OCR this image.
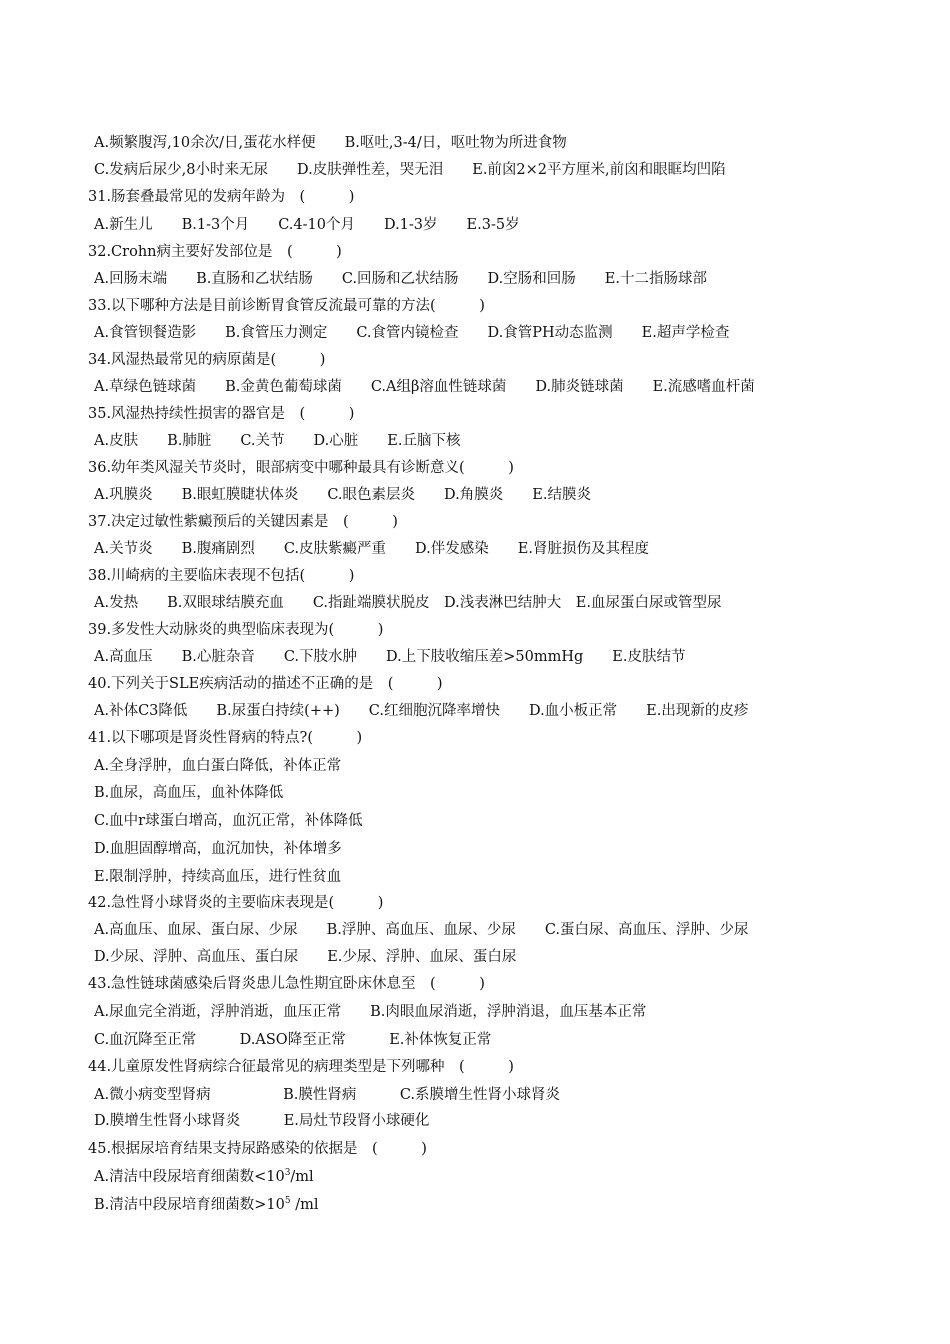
A.频繁腹泻,10余次/日,蛋花水样便　　B.呕吐,3-4/日，呕吐物为所进食物
C.发病后尿少,8小时来无尿　　D.皮肤弹性差，哭无泪　　E.前囟2×2平方厘米,前囟和眼眶均凹陷
31.肠套叠最常见的发病年龄为　(　　　)
A.新生儿　　B.1-3个月　　C.4-10个月　　D.1-3岁　　E.3-5岁
32.Crohn病主要好发部位是　(　　　)
A.回肠末端　　B.直肠和乙状结肠　　C.回肠和乙状结肠　　D.空肠和回肠　　E.十二指肠球部
33.以下哪种方法是目前诊断胃食管反流最可靠的方法(　　　)
A.食管钡餐造影　　B.食管压力测定　　C.食管内镜检查　　D.食管PH动态监测　　E.超声学检查
34.风湿热最常见的病原菌是(　　　)
A.草绿色链球菌　　B.金黄色葡萄球菌　　C.A组β溶血性链球菌　　D.肺炎链球菌　　E.流感嗜血杆菌
35.风湿热持续性损害的器官是　(　　　)
A.皮肤　　B.肺脏　　C.关节　　D.心脏　　E.丘脑下核
36.幼年类风湿关节炎时，眼部病变中哪种最具有诊断意义(　　　)
A.巩膜炎　　B.眼虹膜睫状体炎　　C.眼色素层炎　　D.角膜炎　　E.结膜炎
37.决定过敏性紫癜预后的关键因素是　(　　　)
A.关节炎　　B.腹痛剧烈　　C.皮肤紫癜严重　　D.伴发感染　　E.肾脏损伤及其程度
38.川崎病的主要临床表现不包括(　　　)
A.发热　　B.双眼球结膜充血　　C.指趾端膜状脱皮　D.浅表淋巴结肿大　E.血尿蛋白尿或管型尿
39.多发性大动脉炎的典型临床表现为(　　　)
A.高血压　　B.心脏杂音　　C.下肢水肿　　D.上下肢收缩压差>50mmHg　　E.皮肤结节
40.下列关于SLE疾病活动的描述不正确的是　(　　　)
A.补体C3降低　　B.尿蛋白持续(++)　　C.红细胞沉降率增快　　D.血小板正常　　E.出现新的皮疹
41.以下哪项是肾炎性肾病的特点?(　　　)
A.全身浮肿，血白蛋白降低，补体正常
B.血尿，高血压，血补体降低
C.血中r球蛋白增高，血沉正常，补体降低
D.血胆固醇增高，血沉加快，补体增多
E.限制浮肿，持续高血压，进行性贫血
42.急性肾小球肾炎的主要临床表现是(　　　)
A.高血压、血尿、蛋白尿、少尿　　B.浮肿、高血压、血尿、少尿　　C.蛋白尿、高血压、浮肿、少尿
D.少尿、浮肿、高血压、蛋白尿　　E.少尿、浮肿、血尿、蛋白尿
43.急性链球菌感染后肾炎患儿急性期宜卧床休息至　(　　　)
A.尿血完全消逝，浮肿消逝，血压正常　　B.肉眼血尿消逝，浮肿消退，血压基本正常
C.血沉降至正常　　　D.ASO降至正常　　　E.补体恢复正常
44.儿童原发性肾病综合征最常见的病理类型是下列哪种　(　　　)
A.微小病变型肾病　　　　　B.膜性肾病　　　C.系膜增生性肾小球肾炎
D.膜增生性肾小球肾炎　　　E.局灶节段肾小球硬化
45.根据尿培育结果支持尿路感染的依据是　(　　　)
A.清洁中段尿培育细菌数$<10^3/ml$
B.清洁中段尿培育细菌数$>10^5$ /ml
